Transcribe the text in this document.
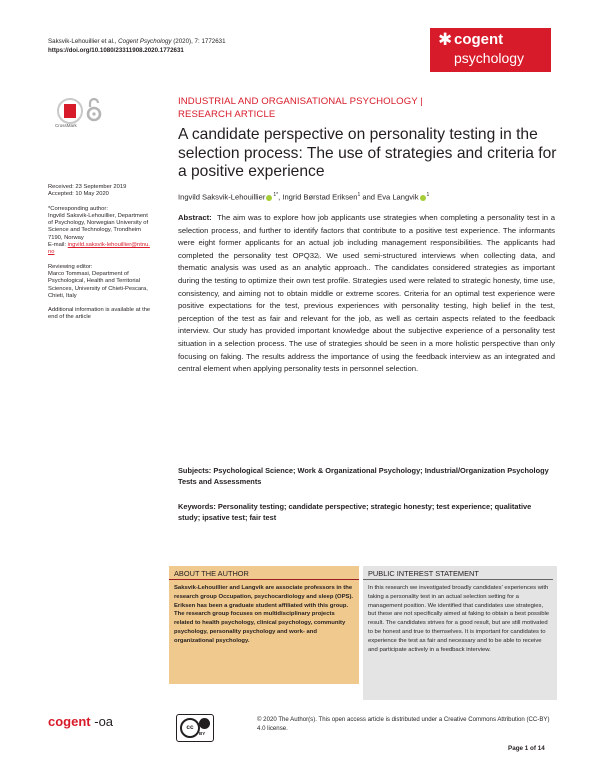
Saksvik-Lehouillier et al., Cogent Psychology (2020), 7: 1772631
https://doi.org/10.1080/23311908.2020.1772631
✱ cogent
psychology
CrossMark
Received: 23 September 2019
Accepted: 10 May 2020
*Corresponding author:
Ingvild Saksvik-Lehouillier, Department of Psychology, Norwegian University of Science and Technology, Trondheim 7190, Norway
E-mail: ingvild.saksvik-lehouillier@ntnu.no
Reviewing editor:
Marco Tommasi, Department of Psychological, Health and Territorial Sciences, University of Chieti-Pescara, Chieti, Italy
Additional information is available at the end of the article
INDUSTRIAL AND ORGANISATIONAL PSYCHOLOGY | RESEARCH ARTICLE
A candidate perspective on personality testing in the selection process: The use of strategies and criteria for a positive experience
Ingvild Saksvik-Lehouillier $^{1*}$, Ingrid Børstad Eriksen$^1$ and Eva Langvik $^1$
Abstract: The aim was to explore how job applicants use strategies when completing a personality test in a selection process, and further to identify factors that contribute to a positive test experience. The informants were eight former applicants for an actual job including management responsibilities. The applicants had completed the personality test OPQ32ᵢ. We used semi-structured interviews when collecting data, and thematic analysis was used as an analytic approach.. The candidates considered strategies as important during the testing to optimize their own test profile. Strategies used were related to strategic honesty, time use, consistency, and aiming not to obtain middle or extreme scores. Criteria for an optimal test experience were positive expectations for the test, previous experiences with personality testing, high belief in the test, perception of the test as fair and relevant for the job, as well as certain aspects related to the feedback interview. Our study has provided important knowledge about the subjective experience of a personality test situation in a selection process. The use of strategies should be seen in a more holistic perspective than only focusing on faking. The results address the importance of using the feedback interview as an integrated and central element when applying personality tests in personnel selection.
Subjects: Psychological Science; Work & Organizational Psychology; Industrial/Organization Psychology Tests and Assessments
Keywords: Personality testing; candidate perspective; strategic honesty; test experience; qualitative study; ipsative test; fair test
ABOUT THE AUTHOR
Saksvik-Lehouillier and Langvik are associate professors in the research group Occupation, psychocardiology and sleep (OPS). Eriksen has been a graduate student affiliated with this group. The research group focuses on multidisciplinary projects related to health psychology, clinical psychology, community psychology, personality psychology and work- and organizational psychology.
PUBLIC INTEREST STATEMENT
In this research we investigated broadly candidates' experiences with taking a personality test in an actual selection setting for a management position. We identified that candidates use strategies, but these are not specifically aimed at faking to obtain a best possible result. The candidates strives for a good result, but are still motivated to be honest and true to themselves. It is important for candidates to experience the test as fair and necessary and to be able to receive and participate actively in a feedback interview.
cogent -oa	cc
BY
© 2020 The Author(s). This open access article is distributed under a Creative Commons Attribution (CC-BY) 4.0 license.
Page 1 of 14
